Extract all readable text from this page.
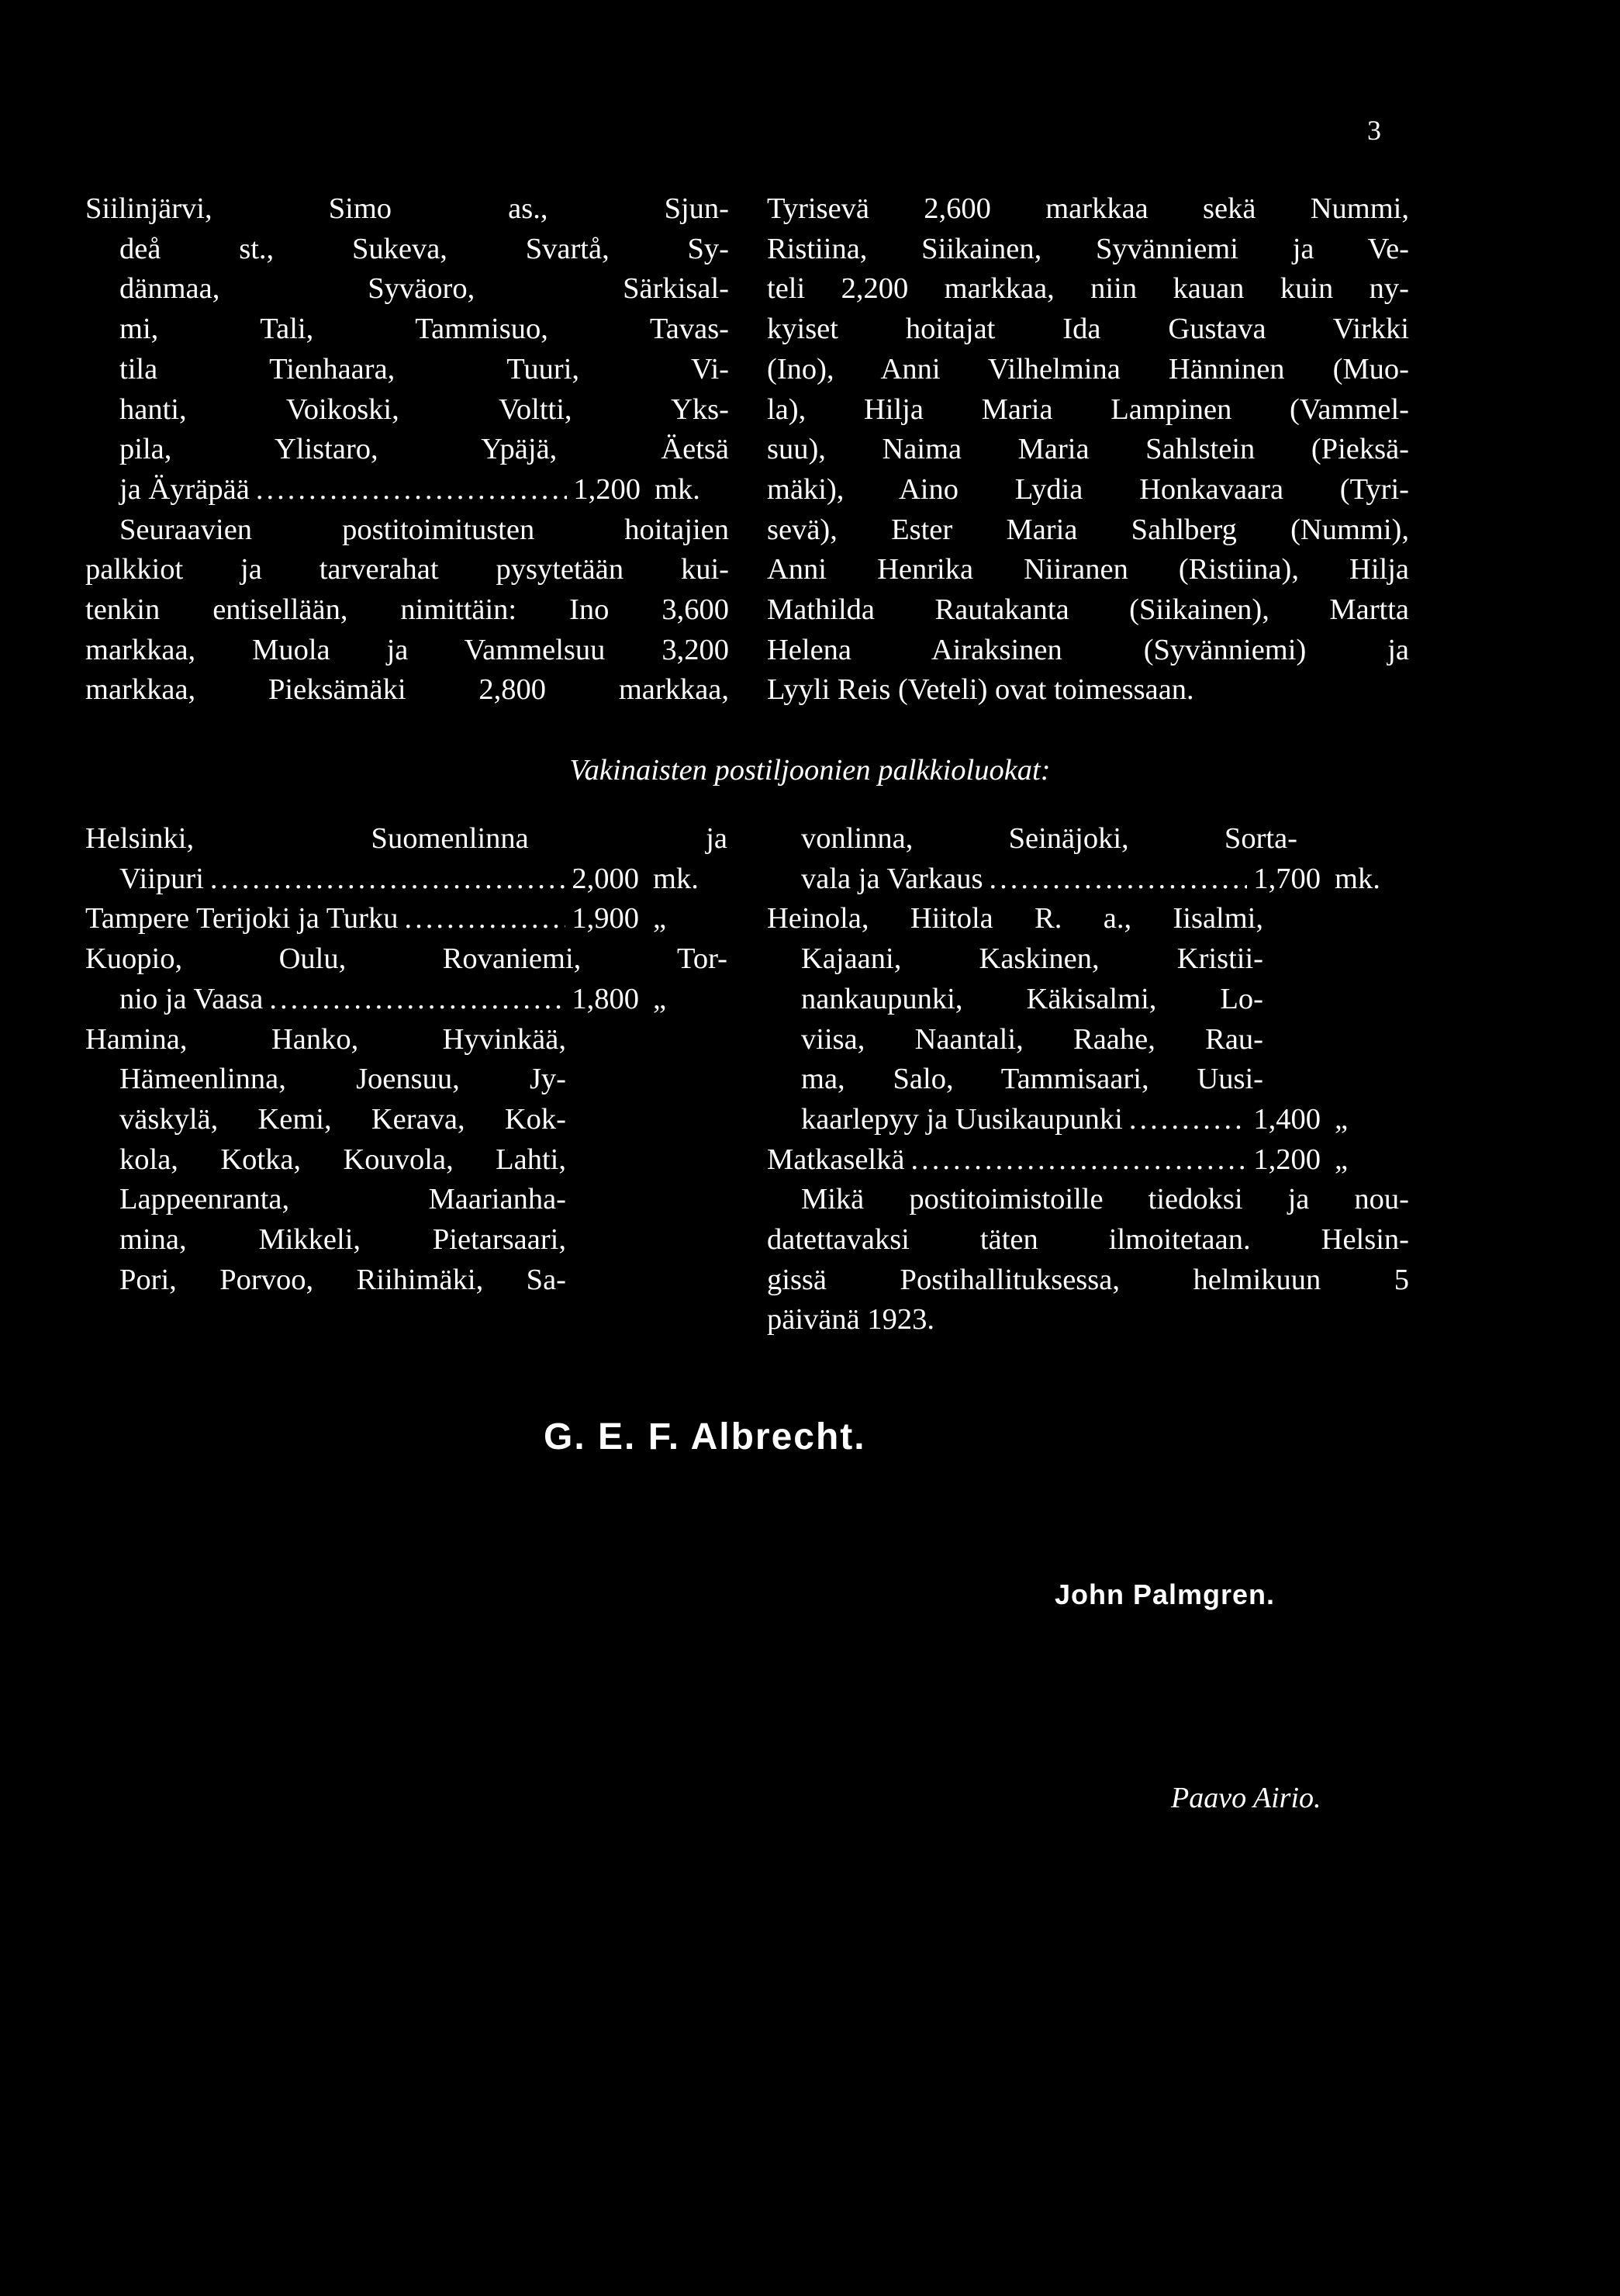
3
Siilinjärvi, Simo as., Sjun-
deå st., Sukeva, Svartå, Sy-
dänmaa, Syväoro, Särkisal-
mi, Tali, Tammisuo, Tavas-
tila Tienhaara, Tuuri, Vi-
hanti, Voikoski, Voltti, Yks-
pila, Ylistaro, Ypäjä, Äetsä
ja Äyräpää .....	1,200 mk.
Seuraavien postitoimitusten hoitajien
palkkiot ja tarverahat pysytetään kui-
tenkin entisellään, nimittäin: Ino 3,600
markkaa, Muola ja Vammelsuu 3,200
markkaa, Pieksämäki 2,800 markkaa,
Tyrisevä 2,600 markkaa sekä Nummi,
Ristiina, Siikainen, Syvänniemi ja Ve-
teli 2,200 markkaa, niin kauan kuin ny-
kyiset hoitajat Ida Gustava Virkki
(Ino), Anni Vilhelmina Hänninen (Muo-
la), Hilja Maria Lampinen (Vammel-
suu), Naima Maria Sahlstein (Pieksä-
mäki), Aino Lydia Honkavaara (Tyri-
sevä), Ester Maria Sahlberg (Nummi),
Anni Henrika Niiranen (Ristiina), Hilja
Mathilda Rautakanta (Siikainen), Martta
Helena Airaksinen (Syvänniemi) ja
Lyyli Reis (Veteli) ovat toimessaan.
Vakinaisten postiljoonien palkkioluokat:
Helsinki, Suomenlinna ja
Viipuri .....	2,000 mk.
Tampere Terijoki ja Turku .....	1,900 „
Kuopio, Oulu, Rovaniemi, Tor-
nio ja Vaasa .....	1,800 „
Hamina, Hanko, Hyvinkää,
Hämeenlinna, Joensuu, Jy-
väskylä, Kemi, Kerava, Kok-
kola, Kotka, Kouvola, Lahti,
Lappeenranta, Maarianha-
mina, Mikkeli, Pietarsaari,
Pori, Porvoo, Riihimäki, Sa-
vonlinna, Seinäjoki, Sorta-
vala ja Varkaus .....	1,700 mk.
Heinola, Hiitola R. a., Iisalmi,
Kajaani, Kaskinen, Kristii-
nankaupunki, Käkisalmi, Lo-
viisa, Naantali, Raahe, Rau-
ma, Salo, Tammisaari, Uusi-
kaarlepyy ja Uusikaupunki .....	1,400 „
Matkaselkä .....	1,200 „
Mikä postitoimistoille tiedoksi ja nou-
datettavaksi täten ilmoitetaan. Helsin-
gissä Postihallituksessa, helmikuun 5
päivänä 1923.
G. E. F. Albrecht.
John Palmgren.
Paavo Airio.
